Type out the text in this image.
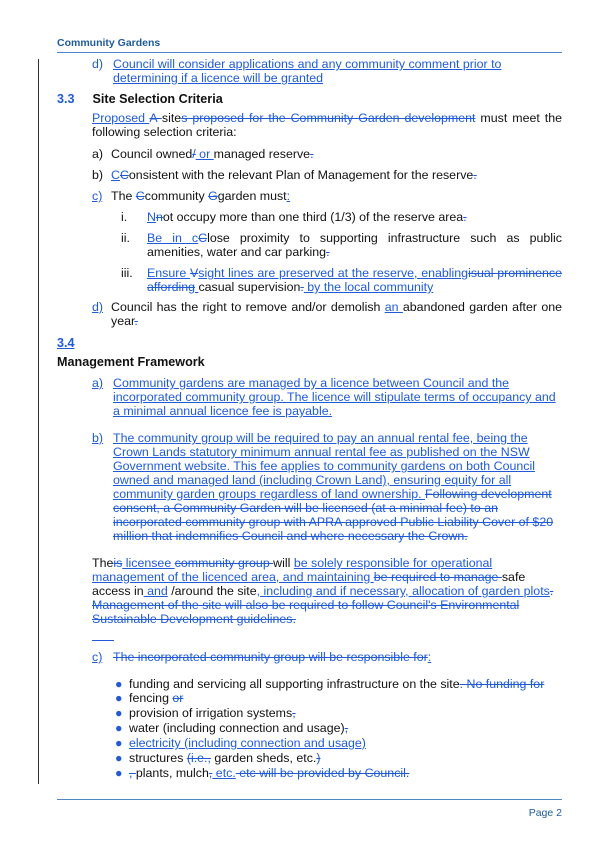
Community Gardens
d) Council will consider applications and any community comment prior to determining if a licence will be granted
3.3 Site Selection Criteria
Proposed A sites proposed for the Community Garden development must meet the following selection criteria:
a) Council owned/ or managed reserve.
b) CConsistent with the relevant Plan of Management for the reserve.
c) The Ccommunity Ggarden must:
i. Nnot occupy more than one third (1/3) of the reserve area.
ii. Be in cClose proximity to supporting infrastructure such as public amenities, water and car parking.
iii. Ensure Vsight lines are preserved at the reserve, enablingisual prominence affording casual supervision. by the local community
d) Council has the right to remove and/or demolish an abandoned garden after one year.
3.4
Management Framework
a) Community gardens are managed by a licence between Council and the incorporated community group. The licence will stipulate terms of occupancy and a minimal annual licence fee is payable.
b) The community group will be required to pay an annual rental fee, being the Crown Lands statutory minimum annual rental fee as published on the NSW Government website. This fee applies to community gardens on both Council owned and managed land (including Crown Land), ensuring equity for all community garden groups regardless of land ownership. Following development consent, a Community Garden will be licensed (at a minimal fee) to an incorporated community group with APRA approved Public Liability Cover of $20 million that indemnifies Council and where necessary the Crown.
Theis licensee community group will be solely responsible for operational management of the licenced area, and maintaining be required to manage safe access in and /around the site, including and if necessary, allocation of garden plots. Management of the site will also be required to follow Council's Environmental Sustainable Development guidelines.
c) The incorporated community group will be responsible for:
● funding and servicing all supporting infrastructure on the site. No funding for
● fencing or
● provision of irrigation systems,
● water (including connection and usage),
● electricity (including connection and usage)
● structures (i.e., garden sheds, etc.)
● , plants, mulch, etc. etc will be provided by Council.
Page 2
